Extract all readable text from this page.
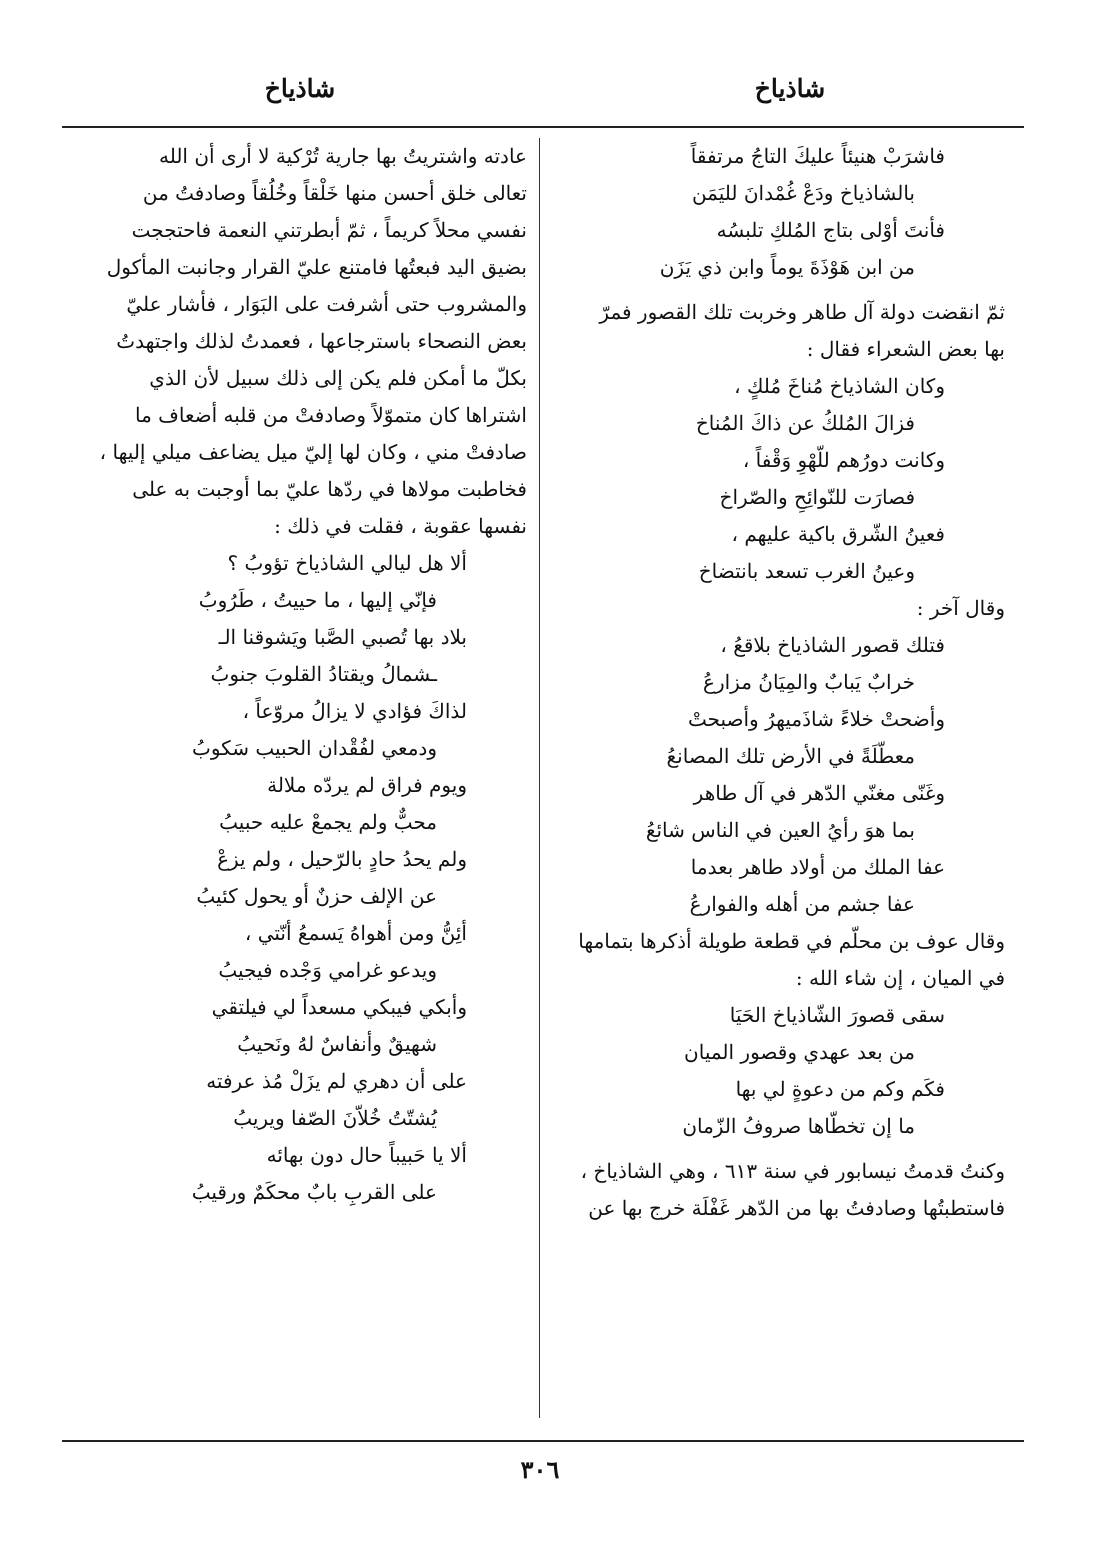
شاذياخ
شاذياخ

فاشرَبْ هنيئاً عليكَ التاجُ مرتفقاً

بالشاذياخ ودَعْ غُمْدانَ لليَمَن

فأنتَ أوْلى بتاج المُلكِ تلبسُه

من ابن هَوْذَةَ يوماً وابن ذي يَزَن

ثمّ انقضت دولة آل طاهر وخربت تلك القصور فمرّ

بها بعض الشعراء فقال :

وكان الشاذياخ مُناخَ مُلكٍ ،

فزالَ المُلكُ عن ذاكَ المُناخ

وكانت دورُهم للّهْوِ وَقْفاً ،

فصارَت للنّوائِحِ والصّراخ

فعينُ الشّرق باكية عليهم ،

وعينُ الغرب تسعد بانتضاخ

وقال آخر :

فتلك قصور الشاذياخ بلاقعُ ،

خرابٌ يَبابٌ والمِيَانُ مزارعُ

وأضحتْ خلاءً شاذَميهرُ وأصبحتْ

معطّلَةً في الأرض تلك المصانعُ

وغَنّى مغنّي الدّهر في آل طاهر

بما هوَ رأيُ العين في الناس شائعُ

عفا الملك من أولاد طاهر بعدما

عفا جشم من أهله والفوارعُ

وقال عوف بن محلّم في قطعة طويلة أذكرها بتمامها

في الميان ، إن شاء الله :

سقى قصورَ الشّاذياخ الحَيَا

من بعد عهدي وقصور الميان

فكَم وكم من دعوةٍ لي بها

ما إن تخطّاها صروفُ الزّمان

وكنتُ قدمتُ نيسابور في سنة ٦١٣ ، وهي الشاذياخ ،

فاستطبتُها وصادفتُ بها من الدّهر غَفْلَة خرج بها عن

عادته واشتريتُ بها جارية تُرْكية لا أرى أن الله

تعالى خلق أحسن منها خَلْقاً وخُلُقاً وصادفتُ من

نفسي محلاً كريماً ، ثمّ أبطرتني النعمة فاحتججت

بضيق اليد فبعتُها فامتنع عليّ القرار وجانبت المأكول

والمشروب حتى أشرفت على البَوَار ، فأشار عليّ

بعض النصحاء باسترجاعها ، فعمدتُ لذلك واجتهدتُ

بكلّ ما أمكن فلم يكن إلى ذلك سبيل لأن الذي

اشتراها كان متموّلاً وصادفتْ من قلبه أضعاف ما

صادفتْ مني ، وكان لها إليّ ميل يضاعف ميلي إليها ،

فخاطبت مولاها في ردّها عليّ بما أوجبت به على

نفسها عقوبة ، فقلت في ذلك :

ألا هل ليالي الشاذياخ تؤوبُ ؟

فإنّي إليها ، ما حييتُ ، طَرُوبُ

بلاد بها تُصبي الصَّبا ويَشوقنا الـ

ـشمالُ ويقتادُ القلوبَ جنوبُ

لذاكَ فؤادي لا يزالُ مروّعاً ،

ودمعي لفُقْدان الحبيب سَكوبُ

ويوم فراق لم يردّه ملالة

محبٌّ ولم يجمعْ عليه حبيبُ

ولم يحدُ حادٍ بالرّحيل ، ولم يزعْ

عن الإلف حزنٌ أو يحول كئيبُ

أئِنُّ ومن أهواهُ يَسمعُ أنّتي ،

ويدعو غرامي وَجْده فيجيبُ

وأبكي فيبكي مسعداً لي فيلتقي

شهيقٌ وأنفاسٌ لهُ ونَحيبُ

على أن دهري لم يزَلْ مُذ عرفته

يُشتّتُ خُلاّنَ الصّفا ويريبُ

ألا يا حَبيباً حال دون بهائه

على القربِ بابٌ محكَمٌ ورقيبُ

٣٠٦
